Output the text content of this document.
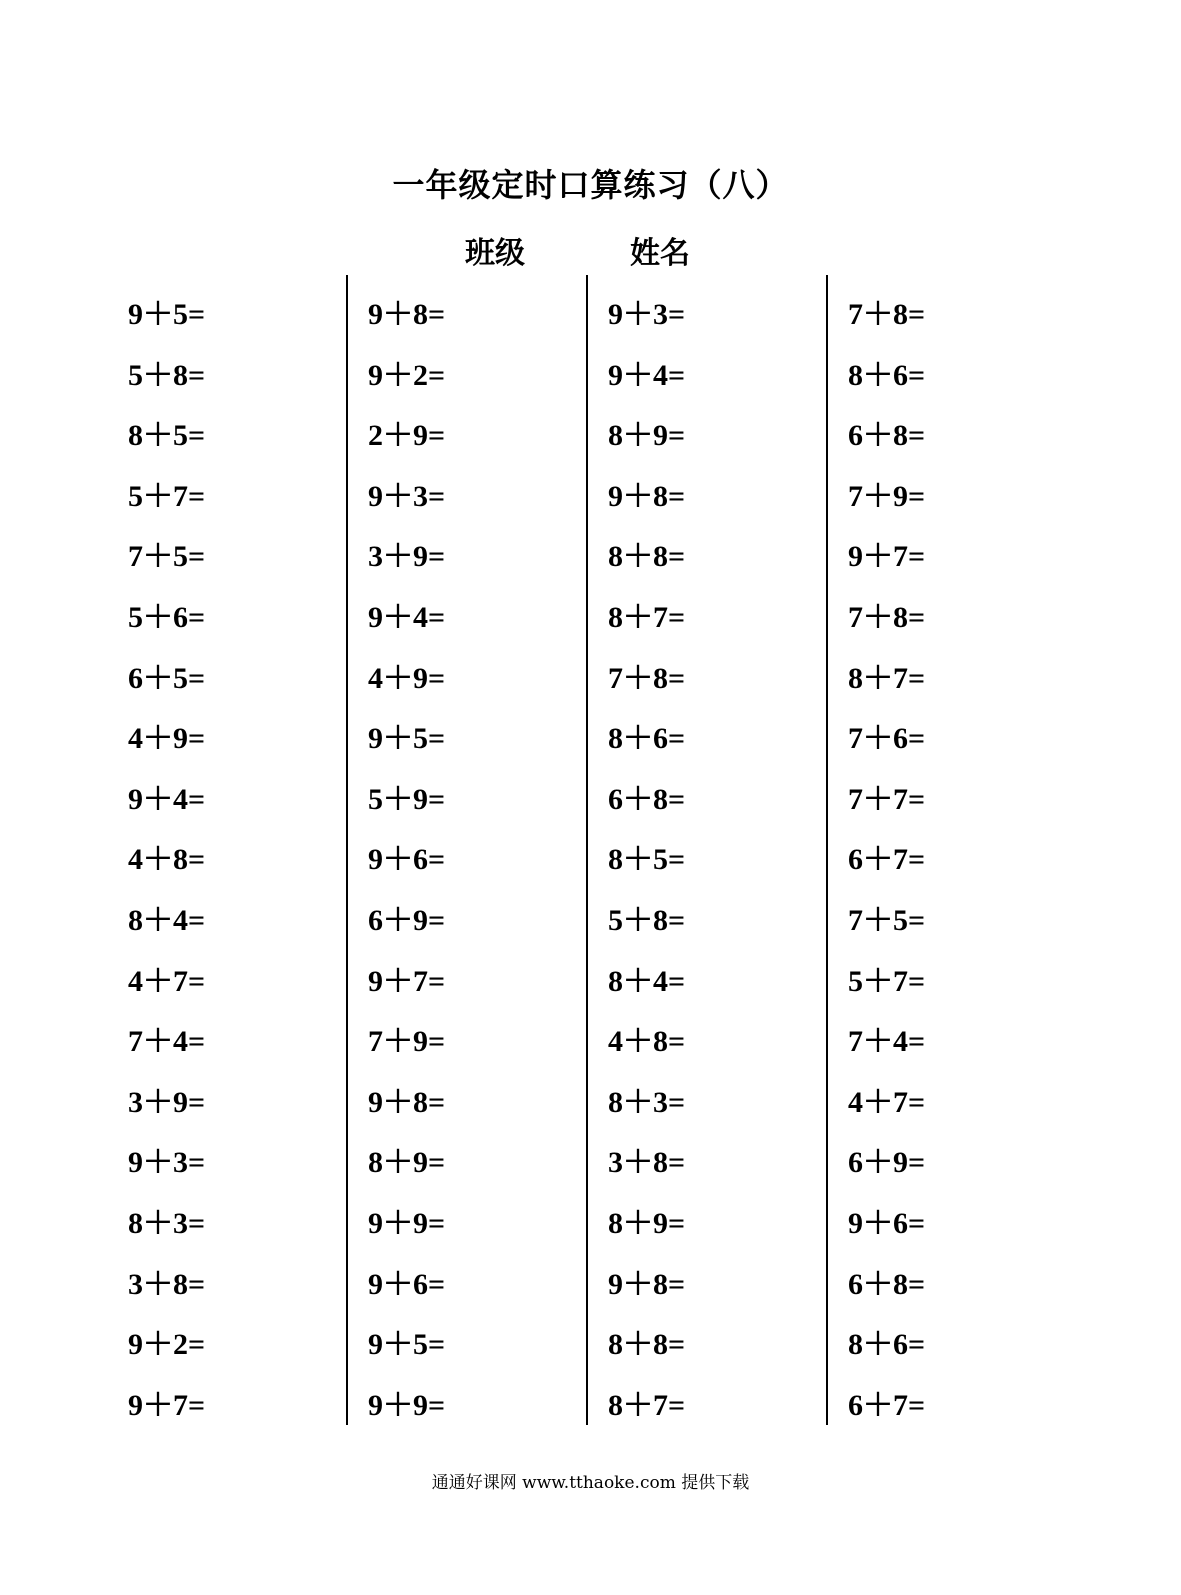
一年级定时口算练习（八）
班级	姓名
9＋5=
5＋8=
8＋5=
5＋7=
7＋5=
5＋6=
6＋5=
4＋9=
9＋4=
4＋8=
8＋4=
4＋7=
7＋4=
3＋9=
9＋3=
8＋3=
3＋8=
9＋2=
9＋7=
9＋8=
9＋2=
2＋9=
9＋3=
3＋9=
9＋4=
4＋9=
9＋5=
5＋9=
9＋6=
6＋9=
9＋7=
7＋9=
9＋8=
8＋9=
9＋9=
9＋6=
9＋5=
9＋9=
9＋3=
9＋4=
8＋9=
9＋8=
8＋8=
8＋7=
7＋8=
8＋6=
6＋8=
8＋5=
5＋8=
8＋4=
4＋8=
8＋3=
3＋8=
8＋9=
9＋8=
8＋8=
8＋7=
7＋8=
8＋6=
6＋8=
7＋9=
9＋7=
7＋8=
8＋7=
7＋6=
7＋7=
6＋7=
7＋5=
5＋7=
7＋4=
4＋7=
6＋9=
9＋6=
6＋8=
8＋6=
6＋7=

通通好课网 www.tthaoke.com 提供下载
